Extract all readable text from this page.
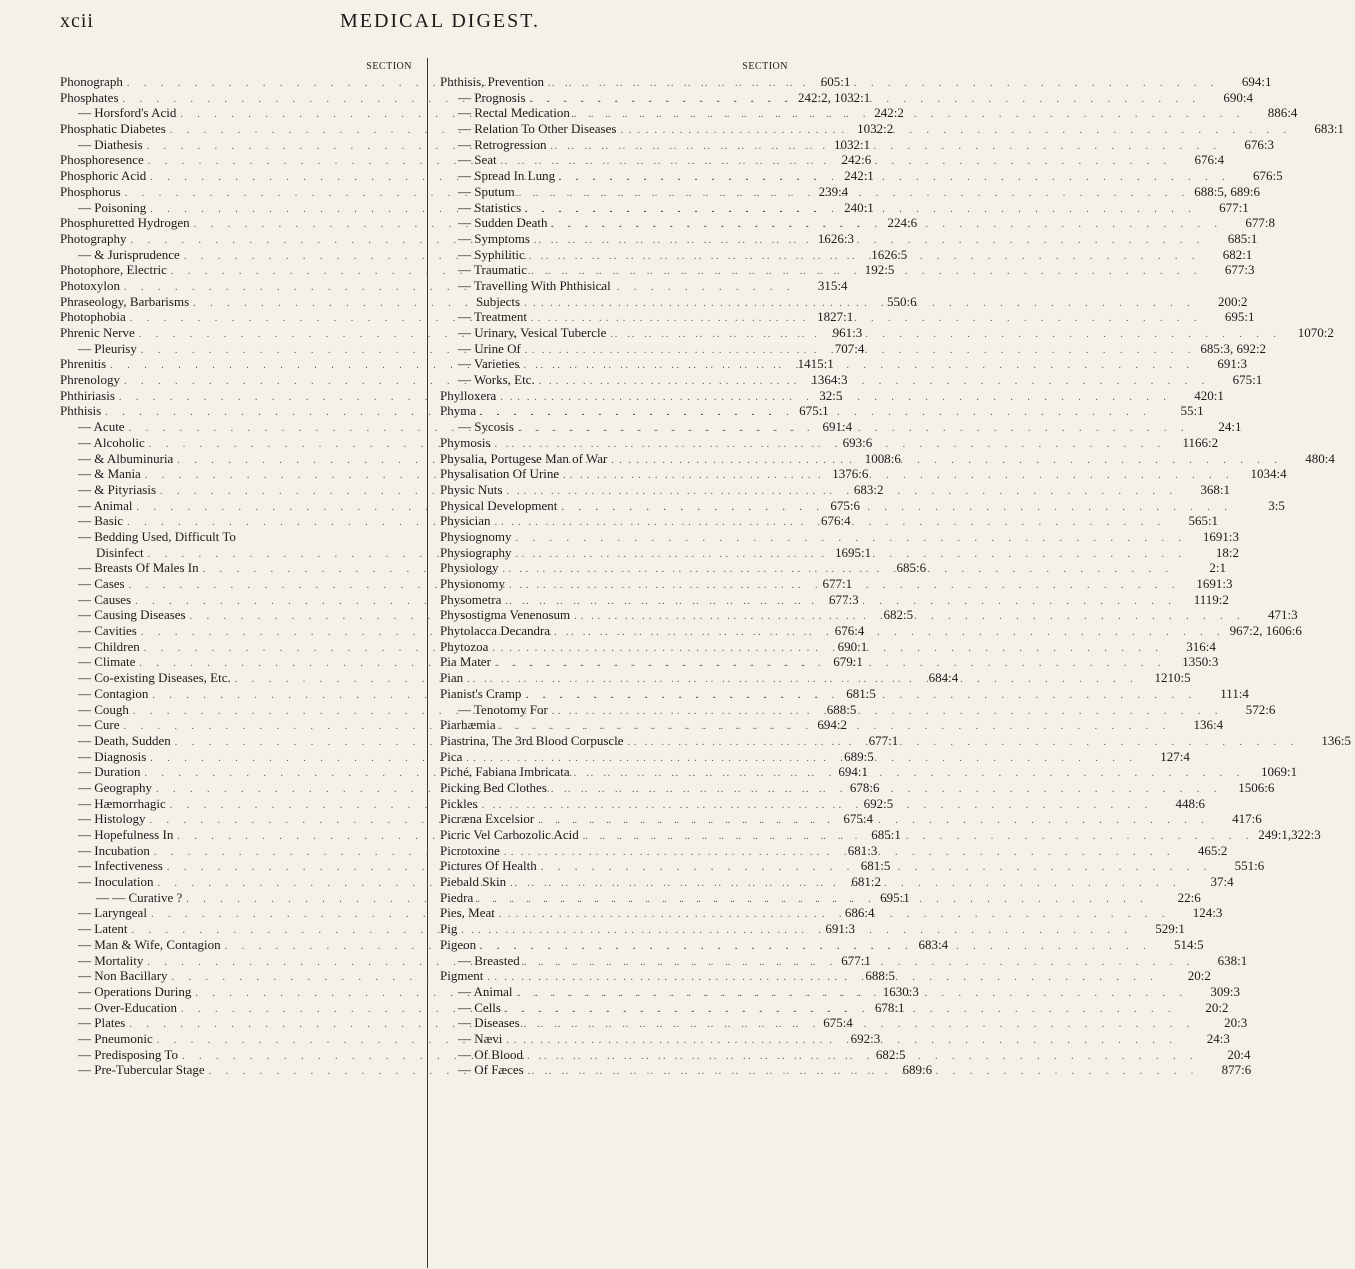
xcii	MEDICAL DIGEST.
SECTION
Phonograph . . .	605:1
Phosphates . . .	242:2, 1032:1
— Horsford's Acid . . .	242:2
Phosphatic Diabetes . . .	1032:2
— Diathesis . . .	1032:1
Phosphoresence . . .	242:6
Phosphoric Acid . . .	242:1
Phosphorus . . .	239:4
— Poisoning . . .	240:1
Phosphuretted Hydrogen . . .	224:6
Photography . . .	1626:3
— & Jurisprudence . . .	1626:5
Photophore, Electric . . .	192:5
Photoxylon . . .	315:4
Phraseology, Barbarisms . . .	550:6
Photophobia . . .	1827:1
Phrenic Nerve . . .	961:3
— Pleurisy . . .	707:4
Phrenitis . . .	1415:1
Phrenology . . .	1364:3
Phthiriasis . . .	32:5
Phthisis . . .	675:1
— Acute . . .	691:4
— Alcoholic . . .	693:6
— & Albuminuria . . .	1008:6
— & Mania . . .	1376:6
— & Pityriasis . . .	683:2
— Animal . . .	675:6
— Basic . . .	676:4
— Bedding Used, Difficult To
Disinfect . . .	1695:1
— Breasts Of Males In . . .	685:6
— Cases . . .	677:1
— Causes . . .	677:3
— Causing Diseases . . .	682:5
— Cavities . . .	676:4
— Children . . .	690:1
— Climate . . .	679:1
— Co-existing Diseases, Etc. . . .	684:4
— Contagion . . .	681:5
— Cough . . .	688:5
— Cure . . .	694:2
— Death, Sudden . . .	677:1
— Diagnosis . . .	689:5
— Duration . . .	694:1
— Geography . . .	678:6
— Hæmorrhagic . . .	692:5
— Histology . . .	675:4
— Hopefulness In . . .	685:1
— Incubation . . .	681:3
— Infectiveness . . .	681:5
— Inoculation . . .	681:2
— — Curative ? . . .	695:1
— Laryngeal . . .	686:4
— Latent . . .	691:3
— Man & Wife, Contagion . . .	683:4
— Mortality . . .	677:1
— Non Bacillary . . .	688:5
— Operations During . . .	1630:3
— Over-Education . . .	678:1
— Plates . . .	675:4
— Pneumonic . . .	692:3
— Predisposing To . . .	682:5
— Pre-Tubercular Stage . . .	689:6
SECTION
Phthisis, Prevention . . .	694:1
— Prognosis . . .	690:4
— Rectal Medication . . .	886:4
— Relation To Other Diseases . . .	683:1
— Retrogression . . .	676:3
— Seat . . .	676:4
— Spread In Lung . . .	676:5
— Sputum . . .	688:5, 689:6
— Statistics . . .	677:1
— Sudden Death . . .	677:8
— Symptoms . . .	685:1
— Syphilitic . . .	682:1
— Traumatic . . .	677:3
— Travelling With Phthisical
Subjects . . .	200:2
— Treatment . . .	695:1
— Urinary, Vesical Tubercle . . .	1070:2
— Urine Of . . .	685:3, 692:2
— Varieties . . .	691:3
— Works, Etc. . . .	675:1
Phylloxera . . .	420:1
Phyma . . .	55:1
— Sycosis . . .	24:1
Phymosis . . .	1166:2
Physalia, Portugese Man of War . . .	480:4
Physalisation Of Urine . . .	1034:4
Physic Nuts . . .	368:1
Physical Development . . .	3:5
Physician . . .	565:1
Physiognomy . . .	1691:3
Physiography . . .	18:2
Physiology . . .	2:1
Physionomy . . .	1691:3
Physometra . . .	1119:2
Physostigma Venenosum . . .	471:3
Phytolacca Decandra . . .	967:2, 1606:6
Phytozoa . . .	316:4
Pia Mater . . .	1350:3
Pian . . .	1210:5
Pianist's Cramp . . .	111:4
— Tenotomy For . . .	572:6
Piarhæmia . . .	136:4
Piastrina, The 3rd Blood Corpuscle . . .	136:5
Pica . . .	127:4
Piché, Fabiana Imbricata . . .	1069:1
Picking Bed Clothes . . .	1506:6
Pickles . . .	448:6
Picræna Excelsior . . .	417:6
Picric Vel Carbozolic Acid . . .	249:1,322:3
Picrotoxine . . .	465:2
Pictures Of Health . . .	551:6
Piebald Skin . . .	37:4
Piedra . . .	22:6
Pies, Meat . . .	124:3
Pig . . .	529:1
Pigeon . . .	514:5
— Breasted . . .	638:1
Pigment . . .	20:2
— Animal . . .	309:3
— Cells . . .	20:2
— Diseases . . .	20:3
— Nævi . . .	24:3
— Of Blood . . .	20:4
— Of Fæces . . .	877:6
